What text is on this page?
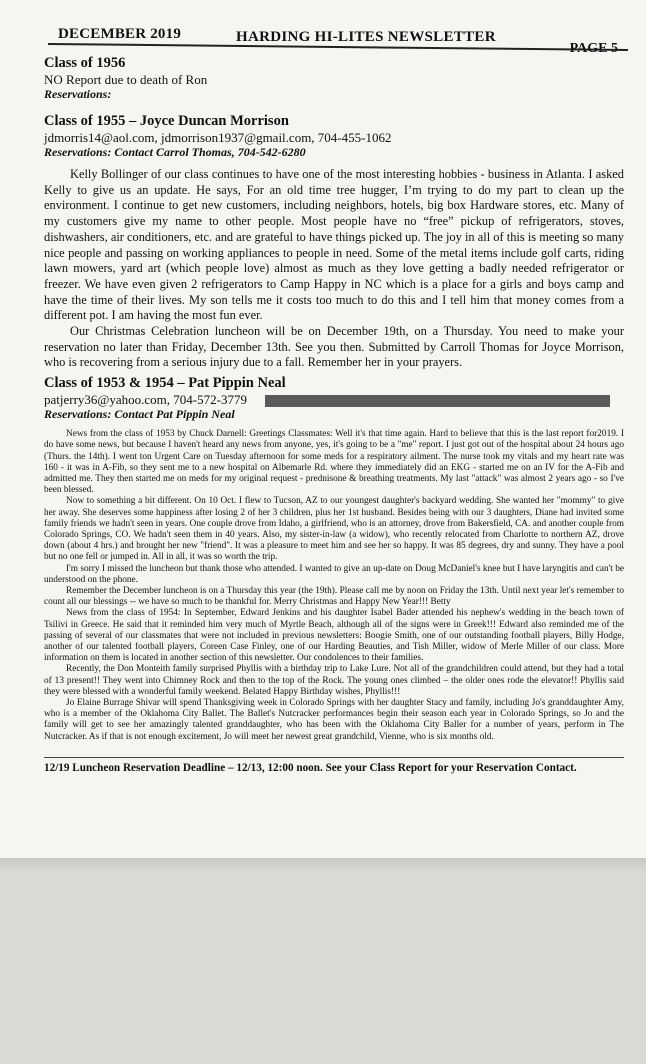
DECEMBER 2019	HARDING HI-LITES NEWSLETTER
Class of 1956

NO Report due to death of Ron

Reservations:

Class of 1955 – Joyce Duncan Morrison

jdmorris14@aol.com, jdmorrison1937@gmail.com, 704-455-1062

Reservations: Contact Carrol Thomas, 704-542-6280

Kelly Bollinger of our class continues to have one of the most interesting hobbies - business in Atlanta. I asked Kelly to give us an update. He says, For an old time tree hugger, I’m trying to do my part to clean up the environment. I continue to get new customers, including neighbors, hotels, big box Hardware stores, etc. Many of my customers give my name to other people. Most people have no “free” pickup of refrigerators, stoves, dishwashers, air conditioners, etc. and are grateful to have things picked up. The joy in all of this is meeting so many nice people and passing on working appliances to people in need. Some of the metal items include golf carts, riding lawn mowers, yard art (which people love) almost as much as they love getting a badly needed refrigerator or freezer. We have even given 2 refrigerators to Camp Happy in NC which is a place for a girls and boys camp and have the time of their lives. My son tells me it costs too much to do this and I tell him that money comes from a different pot. I am having the most fun ever.

Our Christmas Celebration luncheon will be on December 19th, on a Thursday. You need to make your reservation no later than Friday, December 13th. See you then. Submitted by Carroll Thomas for Joyce Morrison, who is recovering from a serious injury due to a fall. Remember her in your prayers.

Class of 1953 & 1954 – Pat Pippin Neal

patjerry36@yahoo.com, 704-572-3779

Reservations: Contact Pat Pippin Neal

News from the class of 1953 by Chuck Darnell: Greetings Classmates: Well it's that time again. Hard to believe that this is the last report for2019. I do have some news, but because I haven't heard any news from anyone, yes, it's going to be a "me" report. I just got out of the hospital about 24 hours ago (Thurs. the 14th). I went ton Urgent Care on Tuesday afternoon for some meds for a respiratory ailment. The nurse took my vitals and my heart rate was 160 - it was in A-Fib, so they sent me to a new hospital on Albemarle Rd. where they immediately did an EKG - started me on an IV for the A-Fib and admitted me. They then started me on meds for my original request - prednisone & breathing treatments. My last "attack" was almost 2 years ago - so I've been blessed.

Now to something a bit different. On 10 Oct. I flew to Tucson, AZ to our youngest daughter's backyard wedding. She wanted her "mommy" to give her away. She deserves some happiness after losing 2 of her 3 children, plus her 1st husband. Besides being with our 3 daughters, Diane had invited some family friends we hadn't seen in years. One couple drove from Idaho, a girlfriend, who is an attorney, drove from Bakersfield, CA. and another couple from Colorado Springs, CO. We hadn't seen them in 40 years. Also, my sister-in-law (a widow), who recently relocated from Charlotte to northern AZ, drove down (about 4 hrs.) and brought her new "friend". It was a pleasure to meet him and see her so happy. It was 85 degrees, dry and sunny. They have a pool but no one fell or jumped in. All in all, it was so worth the trip.

I'm sorry I missed the luncheon but thank those who attended. I wanted to give an up-date on Doug McDaniel's knee but I have laryngitis and can't be understood on the phone.

Remember the December luncheon is on a Thursday this year (the 19th). Please call me by noon on Friday the 13th. Until next year let's remember to count all our blessings -- we have so much to be thankful for. Merry Christmas and Happy New Year!!! Betty

News from the class of 1954: In September, Edward Jenkins and his daughter Isabel Bader attended his nephew's wedding in the beach town of Tsilivi in Greece. He said that it reminded him very much of Myrtle Beach, although all of the signs were in Greek!!! Edward also reminded me of the passing of several of our classmates that were not included in previous newsletters: Boogie Smith, one of our outstanding football players, Billy Hodge, another of our talented football players, Coreen Case Finley, one of our Harding Beauties, and Tish Miller, widow of Merle Miller of our class. More information on them is located in another section of this newsletter. Our condolences to their families.

Recently, the Don Monteith family surprised Phyllis with a birthday trip to Lake Lure. Not all of the grandchildren could attend, but they had a total of 13 present!! They went into Chimney Rock and then to the top of the Rock. The young ones climbed – the older ones rode the elevator!! Phyllis said they were blessed with a wonderful family weekend. Belated Happy Birthday wishes, Phyllis!!!

Jo Elaine Burrage Shivar will spend Thanksgiving week in Colorado Springs with her daughter Stacy and family, including Jo's granddaughter Amy, who is a member of the Oklahoma City Ballet. The Ballet's Nutcracker performances begin their season each year in Colorado Springs, so Jo and the family will get to see her amazingly talented granddaughter, who has been with the Oklahoma City Baller for a number of years, perform in The Nutcracker. As if that is not enough excitement, Jo will meet her newest great grandchild, Vienne, who is six months old.

12/19 Luncheon Reservation Deadline – 12/13, 12:00 noon. See your Class Report for your Reservation Contact.
